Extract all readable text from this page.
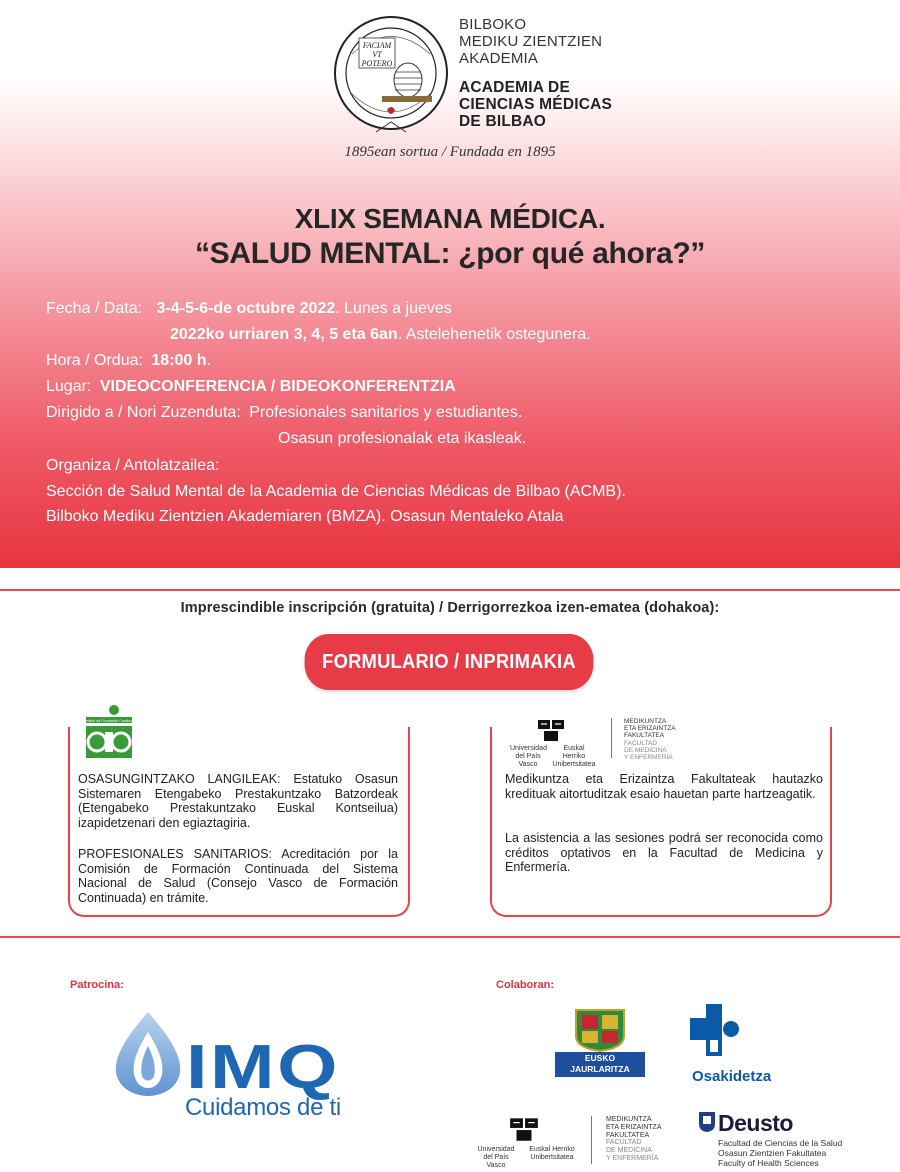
FACIAM
VT
POTERO
BILBOKO
MEDIKU ZIENTZIEN
AKADEMIA
ACADEMIA DE
CIENCIAS MÉDICAS
DE BILBAO
1895ean sortua / Fundada en 1895
XLIX SEMANA MÉDICA.
“SALUD MENTAL: ¿por qué ahora?”
Fecha / Data: 3-4-5-6-de octubre 2022. Lunes a jueves
2022ko urriaren 3, 4, 5 eta 6an. Astelehenetik ostegunera.
Hora / Ordua: 18:00 h.
Lugar: VIDEOCONFERENCIA / BIDEOKONFERENTZIA
Dirigido a / Nori Zuzenduta: Profesionales sanitarios y estudiantes.
Osasun profesionalak eta ikasleak.
Organiza / Antolatzailea:
Sección de Salud Mental de la Academia de Ciencias Médicas de Bilbao (ACMB).
Bilboko Mediku Zientzien Akademiaren (BMZA). Osasun Mentaleko Atala
Imprescindible inscripción (gratuita) / Derrigorrezkoa izen-ematea (dohakoa):
FORMULARIO / INPRIMAKIA
Comisión de Formación Continuada
OSASUNGINTZAKO LANGILEAK: Estatuko Osasun Sistemaren Etengabeko Prestakuntzako Batzordeak (Etengabeko Prestakuntzako Euskal Kontseilua) izapidetzenari den egiaztagiria.
PROFESIONALES SANITARIOS: Acreditación por la Comisión de Formación Continuada del Sistema Nacional de Salud (Consejo Vasco de Formación Continuada) en trámite.
Universidad
del País Vasco
Euskal Herriko
Unibertsitatea
MEDIKUNTZA
ETA ERIZAINTZA
FAKULTATEA
FACULTAD
DE MEDICINA
Y ENFERMERÍA
Medikuntza eta Erizaintza Fakultateak hautazko kredituak aitortuditzak esaio hauetan parte hartzeagatik.
La asistencia a las sesiones podrá ser reconocida como créditos optativos en la Facultad de Medicina y Enfermería.
Patrocina:
IMQ
Cuidamos de ti
Colaboran:
EUSKO JAURLARITZA
GOBIERNO VASCO	Osakidetza
Universidad
del País Vasco
Euskal Herriko
Unibertsitatea
MEDIKUNTZA
ETA ERIZAINTZA
FAKULTATEA
FACULTAD
DE MEDICINA
Y ENFERMERÍA
Deusto
Facultad de Ciencias de la Salud
Osasun Zientzien Fakultatea
Faculty of Health Sciences
